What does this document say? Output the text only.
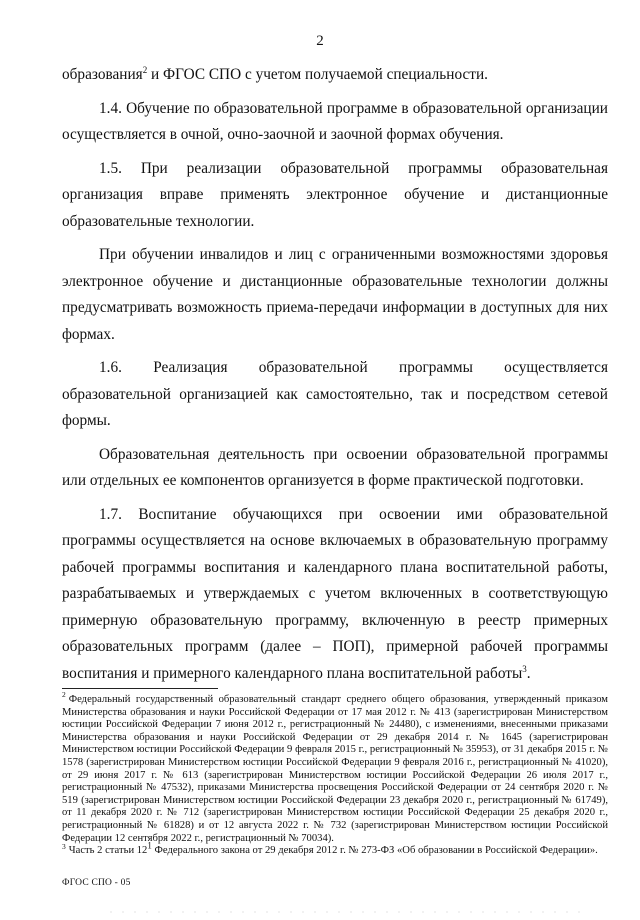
2

образования$^2$ и ФГОС СПО с учетом получаемой специальности.

1.4. Обучение по образовательной программе в образовательной организации осуществляется в очной, очно-заочной и заочной формах обучения.

1.5. При реализации образовательной программы образовательная организация вправе применять электронное обучение и дистанционные образовательные технологии.

При обучении инвалидов и лиц с ограниченными возможностями здоровья электронное обучение и дистанционные образовательные технологии должны предусматривать возможность приема-передачи информации в доступных для них формах.

1.6. Реализация образовательной программы осуществляется образовательной организацией как самостоятельно, так и посредством сетевой формы.

Образовательная деятельность при освоении образовательной программы или отдельных ее компонентов организуется в форме практической подготовки.

1.7. Воспитание обучающихся при освоении ими образовательной программы осуществляется на основе включаемых в образовательную программу рабочей программы воспитания и календарного плана воспитательной работы, разрабатываемых и утверждаемых с учетом включенных в соответствующую примерную образовательную программу, включенную в реестр примерных образовательных программ (далее – ПОП), примерной рабочей программы воспитания и примерного календарного плана воспитательной работы$^3$.

$^2$ Федеральный государственный образовательный стандарт среднего общего образования, утвержденный приказом Министерства образования и науки Российской Федерации от 17 мая 2012 г. № 413 (зарегистрирован Министерством юстиции Российской Федерации 7 июня 2012 г., регистрационный № 24480), с изменениями, внесенными приказами Министерства образования и науки Российской Федерации от 29 декабря 2014 г. № 1645 (зарегистрирован Министерством юстиции Российской Федерации 9 февраля 2015 г., регистрационный № 35953), от 31 декабря 2015 г. № 1578 (зарегистрирован Министерством юстиции Российской Федерации 9 февраля 2016 г., регистрационный № 41020), от 29 июня 2017 г. № 613 (зарегистрирован Министерством юстиции Российской Федерации 26 июля 2017 г., регистрационный № 47532), приказами Министерства просвещения Российской Федерации от 24 сентября 2020 г. № 519 (зарегистрирован Министерством юстиции Российской Федерации 23 декабря 2020 г., регистрационный № 61749), от 11 декабря 2020 г. № 712 (зарегистрирован Министерством юстиции Российской Федерации 25 декабря 2020 г., регистрационный № 61828) и от 12 августа 2022 г. № 732 (зарегистрирован Министерством юстиции Российской Федерации 12 сентября 2022 г., регистрационный № 70034).

$^3$ Часть 2 статьи $12^1$ Федерального закона от 29 декабря 2012 г. № 273-ФЗ «Об образовании в Российской Федерации».

ФГОС СПО - 05
